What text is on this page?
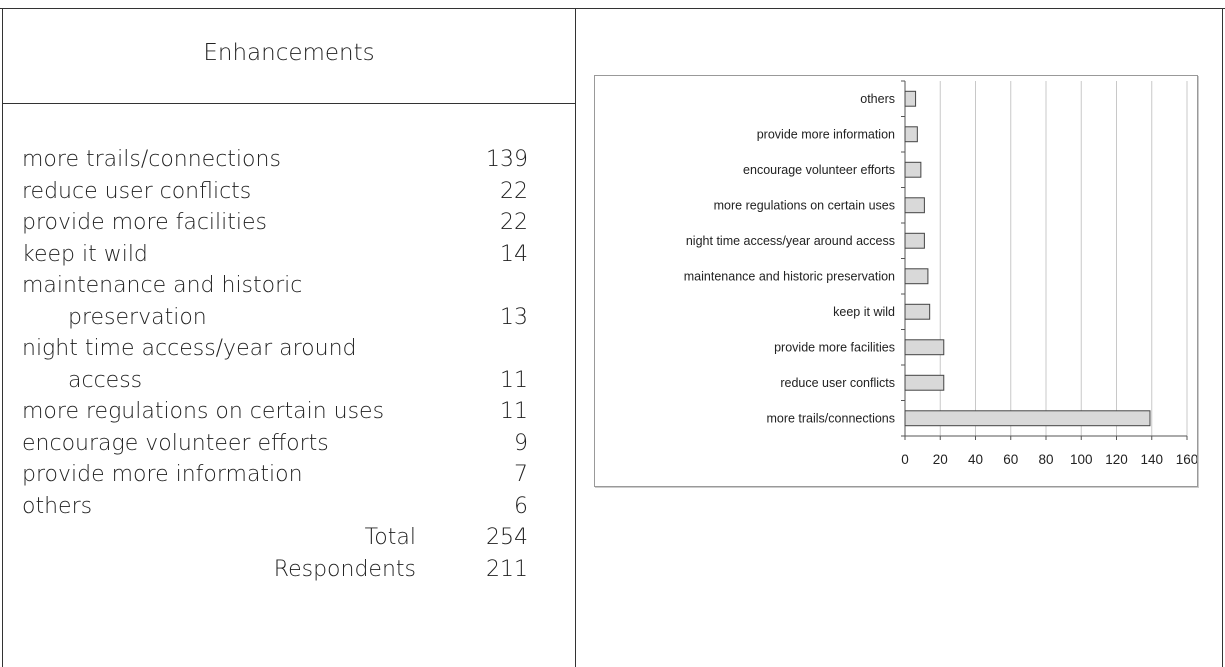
Enhancements
more trails/connections	139
reduce user conflicts	22
provide more facilities	22
keep it wild	14
maintenance and historic
preservation	13
night time access/year around
access	11
more regulations on certain uses	11
encourage volunteer efforts	9
provide more information	7
others	6
Total	254
Respondents	211
others
provide more information
encourage volunteer efforts
more regulations on certain uses
night time access/year around access
maintenance and historic preservation
keep it wild
provide more facilities
reduce user conflicts
more trails/connections
0 20 40 60 80 100 120 140 160
